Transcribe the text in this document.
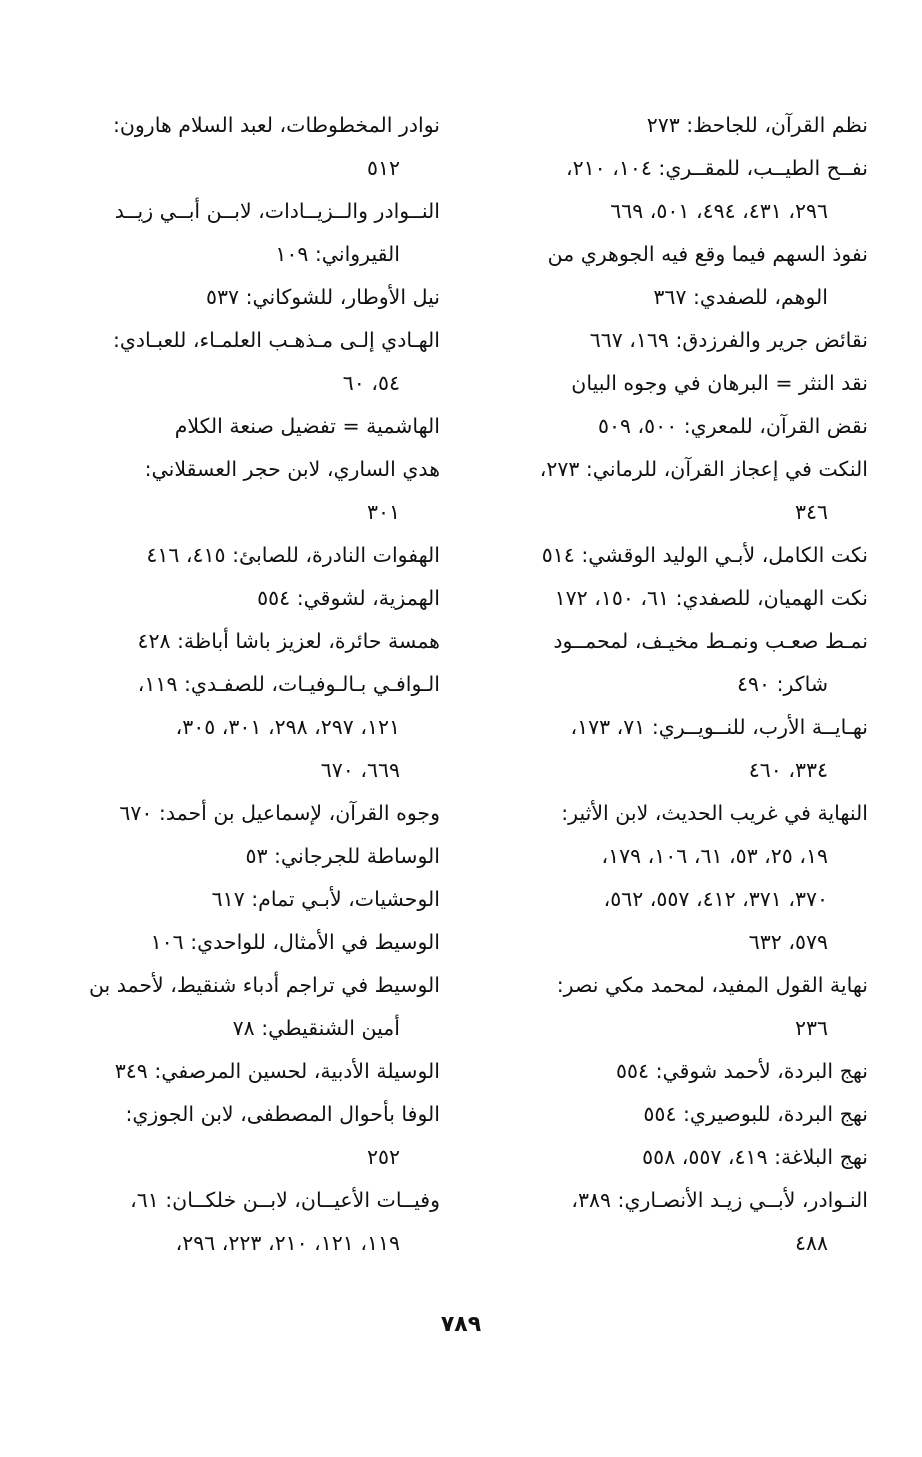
نظم القرآن، للجاحظ: ٢٧٣
نفــح الطيــب، للمقــري: ١٠٤، ٢١٠،
٢٩٦، ٤٣١، ٤٩٤، ٥٠١، ٦٦٩
نفوذ السهم فيما وقع فيه الجوهري من
الوهم، للصفدي: ٣٦٧
نقائض جرير والفرزدق: ١٦٩، ٦٦٧
نقد النثر = البرهان في وجوه البيان
نقض القرآن، للمعري: ٥٠٠، ٥٠٩
النكت في إعجاز القرآن، للرماني: ٢٧٣،
٣٤٦
نكت الكامل، لأبـي الوليد الوقشي: ٥١٤
نكت الهميان، للصفدي: ٦١، ١٥٠، ١٧٢
نمـط صعـب ونمـط مخيـف، لمحمــود
شاكر: ٤٩٠
نهـايــة الأرب، للنــويــري: ٧١، ١٧٣،
٣٣٤، ٤٦٠
النهاية في غريب الحديث، لابن الأثير:
١٩، ٢٥، ٥٣، ٦١، ١٠٦، ١٧٩،
٣٧٠، ٣٧١، ٤١٢، ٥٥٧، ٥٦٢،
٥٧٩، ٦٣٢
نهاية القول المفيد، لمحمد مكي نصر:
٢٣٦
نهج البردة، لأحمد شوقي: ٥٥٤
نهج البردة، للبوصيري: ٥٥٤
نهج البلاغة: ٤١٩، ٥٥٧، ٥٥٨
النـوادر، لأبــي زيـد الأنصـاري: ٣٨٩،
٤٨٨
نوادر المخطوطات، لعبد السلام هارون:
٥١٢
النــوادر والــزيــادات، لابــن أبــي زيــد
القيرواني: ١٠٩
نيل الأوطار، للشوكاني: ٥٣٧
الهـادي إلـى مـذهـب العلمـاء، للعبـادي:
٥٤، ٦٠
الهاشمية = تفضيل صنعة الكلام
هدي الساري، لابن حجر العسقلاني:
٣٠١
الهفوات النادرة، للصابئ: ٤١٥، ٤١٦
الهمزية، لشوقي: ٥٥٤
همسة حائرة، لعزيز باشا أباظة: ٤٢٨
الـوافـي بـالـوفيـات، للصفـدي: ١١٩،
١٢١، ٢٩٧، ٢٩٨، ٣٠١، ٣٠٥،
٦٦٩، ٦٧٠
وجوه القرآن، لإسماعيل بن أحمد: ٦٧٠
الوساطة للجرجاني: ٥٣
الوحشيات، لأبـي تمام: ٦١٧
الوسيط في الأمثال، للواحدي: ١٠٦
الوسيط في تراجم أدباء شنقيط، لأحمد بن
أمين الشنقيطي: ٧٨
الوسيلة الأدبية، لحسين المرصفي: ٣٤٩
الوفا بأحوال المصطفى، لابن الجوزي:
٢٥٢
وفيــات الأعيــان، لابــن خلكــان: ٦١،
١١٩، ١٢١، ٢١٠، ٢٢٣، ٢٩٦،
٧٨٩
